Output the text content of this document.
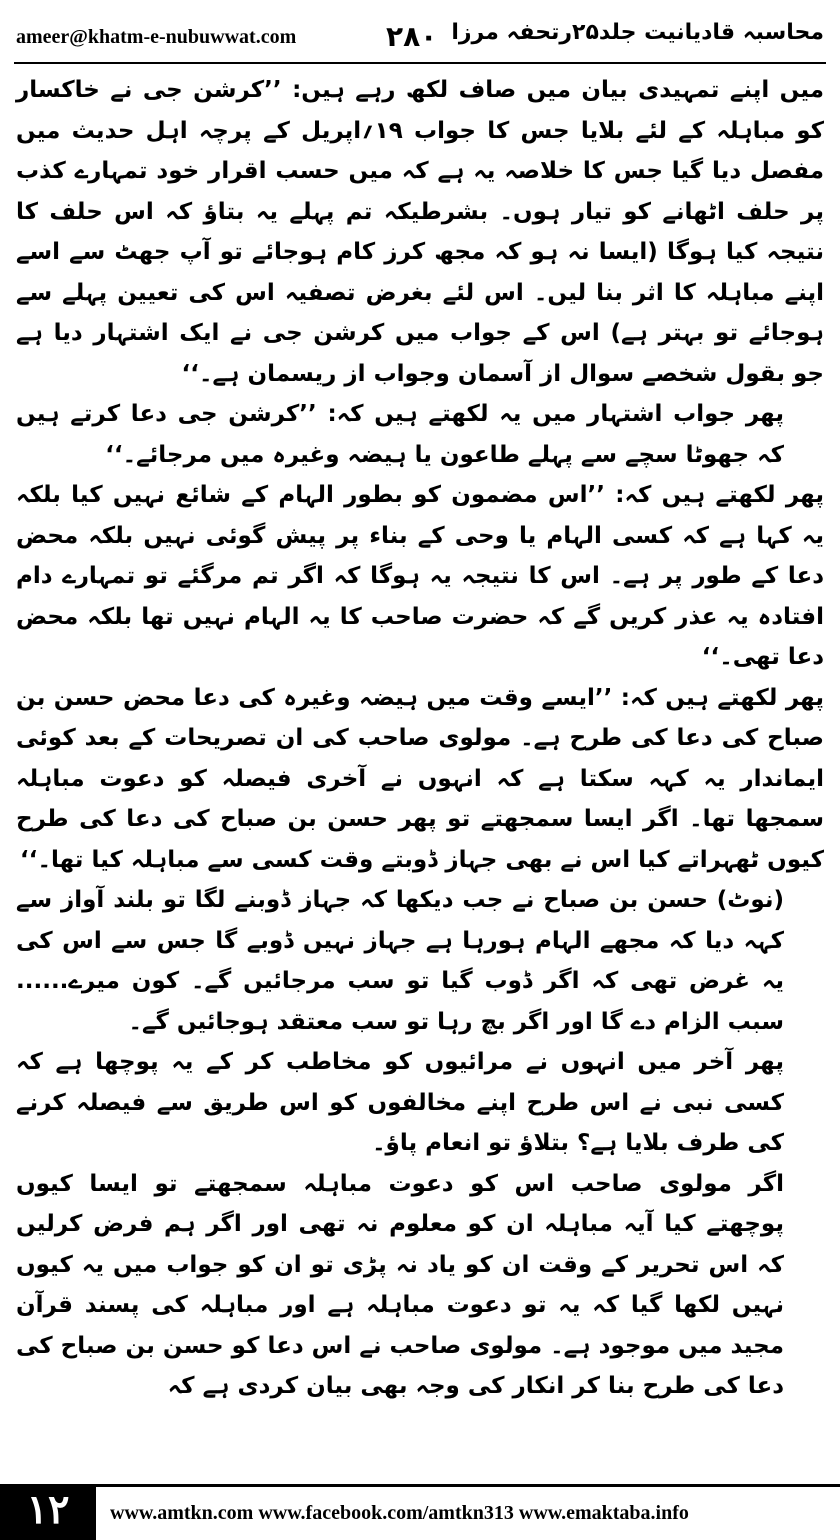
ameer@khatm-e-nubuwwat.com	۲۸۰ محاسبہ قادیانیت جلد۲۵رتحفہ مرزا

میں اپنے تمہیدی بیان میں صاف لکھ رہے ہیں: ’’کرشن جی نے خاکسار کو مباہلہ کے لئے بلایا جس کا جواب ۱۹؍اپریل کے پرچہ اہل حدیث میں مفصل دیا گیا جس کا خلاصہ یہ ہے کہ میں حسب اقرار خود تمہارے کذب پر حلف اٹھانے کو تیار ہوں۔ بشرطیکہ تم پہلے یہ بتاؤ کہ اس حلف کا نتیجہ کیا ہوگا (ایسا نہ ہو کہ مجھ کرز کام ہوجائے تو آپ جھٹ سے اسے اپنے مباہلہ کا اثر بنا لیں۔ اس لئے بغرض تصفیہ اس کی تعیین پہلے سے ہوجائے تو بہتر ہے) اس کے جواب میں کرشن جی نے ایک اشتہار دیا ہے جو بقول شخصے سوال از آسمان وجواب از ریسمان ہے۔‘‘

پھر جواب اشتہار میں یہ لکھتے ہیں کہ: ’’کرشن جی دعا کرتے ہیں کہ جھوٹا سچے سے پہلے طاعون یا ہیضہ وغیرہ میں مرجائے۔‘‘

پھر لکھتے ہیں کہ: ’’اس مضمون کو بطور الہام کے شائع نہیں کیا بلکہ یہ کہا ہے کہ کسی الہام یا وحی کے بناء پر پیش گوئی نہیں بلکہ محض دعا کے طور پر ہے۔ اس کا نتیجہ یہ ہوگا کہ اگر تم مرگئے تو تمہارے دام افتادہ یہ عذر کریں گے کہ حضرت صاحب کا یہ الہام نہیں تھا بلکہ محض دعا تھی۔‘‘

پھر لکھتے ہیں کہ: ’’ایسے وقت میں ہیضہ وغیرہ کی دعا محض حسن بن صباح کی دعا کی طرح ہے۔ مولوی صاحب کی ان تصریحات کے بعد کوئی ایماندار یہ کہہ سکتا ہے کہ انہوں نے آخری فیصلہ کو دعوت مباہلہ سمجھا تھا۔ اگر ایسا سمجھتے تو پھر حسن بن صباح کی دعا کی طرح کیوں ٹھہراتے کیا اس نے بھی جہاز ڈوبتے وقت کسی سے مباہلہ کیا تھا۔‘‘

(نوٹ) حسن بن صباح نے جب دیکھا کہ جہاز ڈوبنے لگا تو بلند آواز سے کہہ دیا کہ مجھے الہام ہورہا ہے جہاز نہیں ڈوبے گا جس سے اس کی یہ غرض تھی کہ اگر ڈوب گیا تو سب مرجائیں گے۔ کون میرے...... سبب الزام دے گا اور اگر بچ رہا تو سب معتقد ہوجائیں گے۔

پھر آخر میں انہوں نے مرائیوں کو مخاطب کر کے یہ پوچھا ہے کہ کسی نبی نے اس طرح اپنے مخالفوں کو اس طریق سے فیصلہ کرنے کی طرف بلایا ہے؟ بتلاؤ تو انعام پاؤ۔

اگر مولوی صاحب اس کو دعوت مباہلہ سمجھتے تو ایسا کیوں پوچھتے کیا آیہ مباہلہ ان کو معلوم نہ تھی اور اگر ہم فرض کرلیں کہ اس تحریر کے وقت ان کو یاد نہ پڑی تو ان کو جواب میں یہ کیوں نہیں لکھا گیا کہ یہ تو دعوت مباہلہ ہے اور مباہلہ کی پسند قرآن مجید میں موجود ہے۔ مولوی صاحب نے اس دعا کو حسن بن صباح کی دعا کی طرح بنا کر انکار کی وجہ بھی بیان کردی ہے کہ

۱۲	www.amtkn.com www.facebook.com/amtkn313 www.emaktaba.info
